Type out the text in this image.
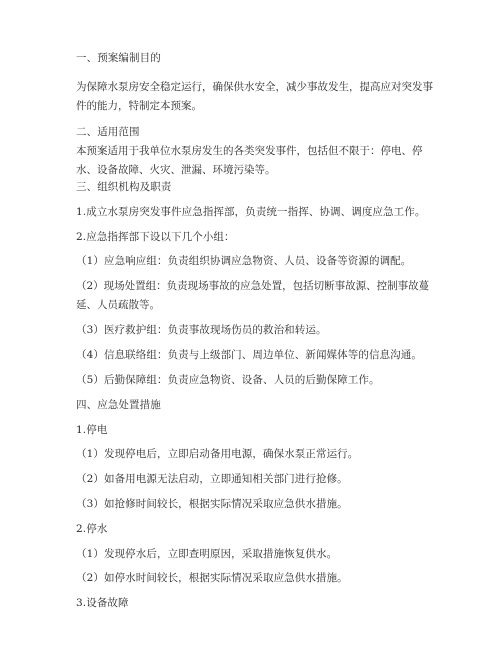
一、预案编制目的
为保障水泵房安全稳定运行，确保供水安全，减少事故发生，提高应对突发事件的能力，特制定本预案。
二、适用范围
本预案适用于我单位水泵房发生的各类突发事件，包括但不限于：停电、停水、设备故障、火灾、泄漏、环境污染等。
三、组织机构及职责
1.成立水泵房突发事件应急指挥部，负责统一指挥、协调、调度应急工作。
2.应急指挥部下设以下几个小组：
（1）应急响应组：负责组织协调应急物资、人员、设备等资源的调配。
（2）现场处置组：负责现场事故的应急处置，包括切断事故源、控制事故蔓延、人员疏散等。
（3）医疗救护组：负责事故现场伤员的救治和转运。
（4）信息联络组：负责与上级部门、周边单位、新闻媒体等的信息沟通。
（5）后勤保障组：负责应急物资、设备、人员的后勤保障工作。
四、应急处置措施
1.停电
（1）发现停电后，立即启动备用电源，确保水泵正常运行。
（2）如备用电源无法启动，立即通知相关部门进行抢修。
（3）如抢修时间较长，根据实际情况采取应急供水措施。
2.停水
（1）发现停水后，立即查明原因，采取措施恢复供水。
（2）如停水时间较长，根据实际情况采取应急供水措施。
3.设备故障
